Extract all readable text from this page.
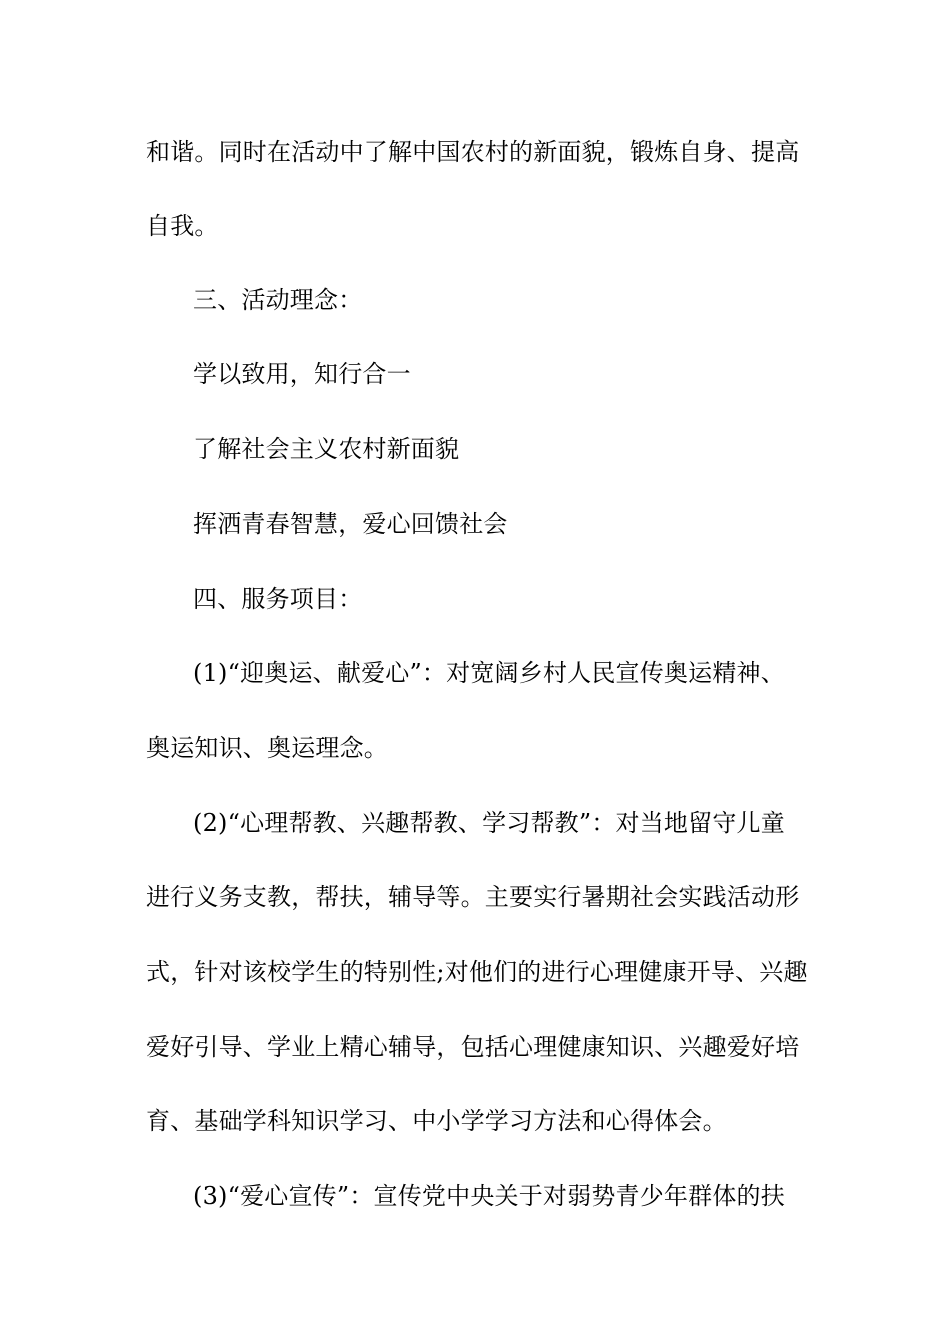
和谐。同时在活动中了解中国农村的新面貌，锻炼自身、提高
自我。
三、活动理念：
学以致用，知行合一
了解社会主义农村新面貌
挥洒青春智慧，爱心回馈社会
四、服务项目：
(1)“迎奥运、献爱心”：对宽阔乡村人民宣传奥运精神、
奥运知识、奥运理念。
(2)“心理帮教、兴趣帮教、学习帮教”：对当地留守儿童
进行义务支教，帮扶，辅导等。主要实行暑期社会实践活动形
式，针对该校学生的特别性;对他们的进行心理健康开导、兴趣
爱好引导、学业上精心辅导，包括心理健康知识、兴趣爱好培
育、基础学科知识学习、中小学学习方法和心得体会。
(3)“爱心宣传”：宣传党中央关于对弱势青少年群体的扶
